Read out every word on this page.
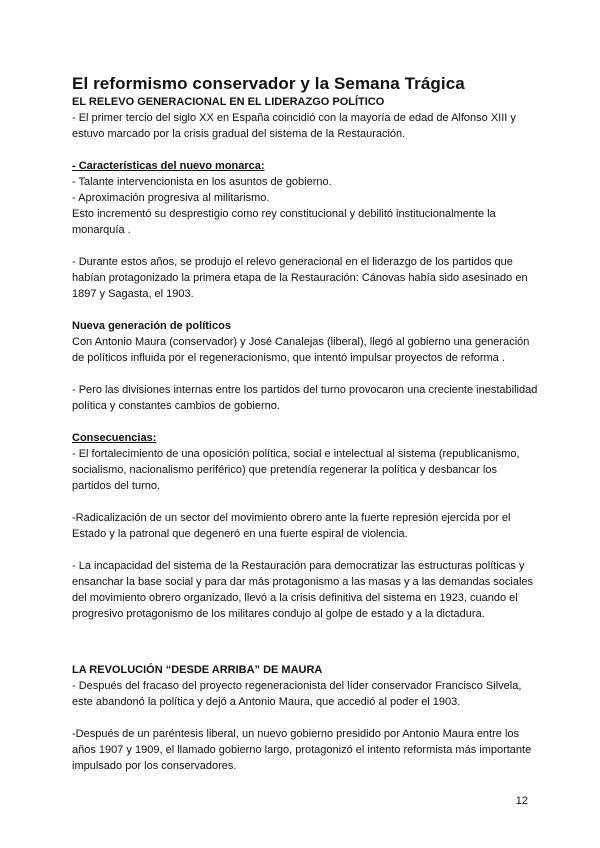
El reformismo conservador y la Semana Trágica
EL RELEVO GENERACIONAL EN EL LIDERAZGO POLÍTICO

- El primer tercio del siglo XX en España coincidió con la mayoría de edad de Alfonso XIII y estuvo marcado por la crisis gradual del sistema de la Restauración.

- Características del nuevo monarca:

- Talante intervencionista en los asuntos de gobierno.

- Aproximación progresiva al militarismo.

Esto incrementó su desprestigio como rey constitucional y debilitó institucionalmente la monarquía .

- Durante estos años, se produjo el relevo generacional en el liderazgo de los partidos que habían protagonizado la primera etapa de la Restauración: Cánovas había sido asesinado en 1897 y Sagasta, el 1903.

Nueva generación de políticos

Con Antonio Maura (conservador) y José Canalejas (liberal), llegó al gobierno una generación de políticos influida por el regeneracionismo, que intentó impulsar proyectos de reforma .

- Pero las divisiones internas entre los partidos del turno provocaron una creciente inestabilidad política y constantes cambios de gobierno.

Consecuencias:

- El fortalecimiento de una oposición política, social e intelectual al sistema (republicanismo, socialismo, nacionalismo periférico) que pretendía regenerar la política y desbancar los partidos del turno.

-Radicalización de un sector del movimiento obrero ante la fuerte represión ejercida por el Estado y la patronal que degeneró en una fuerte espiral de violencia.

- La incapacidad del sistema de la Restauración para democratizar las estructuras políticas y ensanchar la base social y para dar más protagonismo a las masas y a las demandas sociales del movimiento obrero organizado, llevó a la crisis definitiva del sistema en 1923, cuando el progresivo protagonismo de los militares condujo al golpe de estado y a la dictadura.

LA REVOLUCIÓN “DESDE ARRIBA” DE MAURA

- Después del fracaso del proyecto regeneracionista del líder conservador Francisco Silvela, este abandonó la política y dejó a Antonio Maura, que accedió al poder el 1903.

-Después de un paréntesis liberal, un nuevo gobierno presidido por Antonio Maura entre los años 1907 y 1909, el llamado gobierno largo, protagonizó el intento reformista más importante impulsado por los conservadores.

12
